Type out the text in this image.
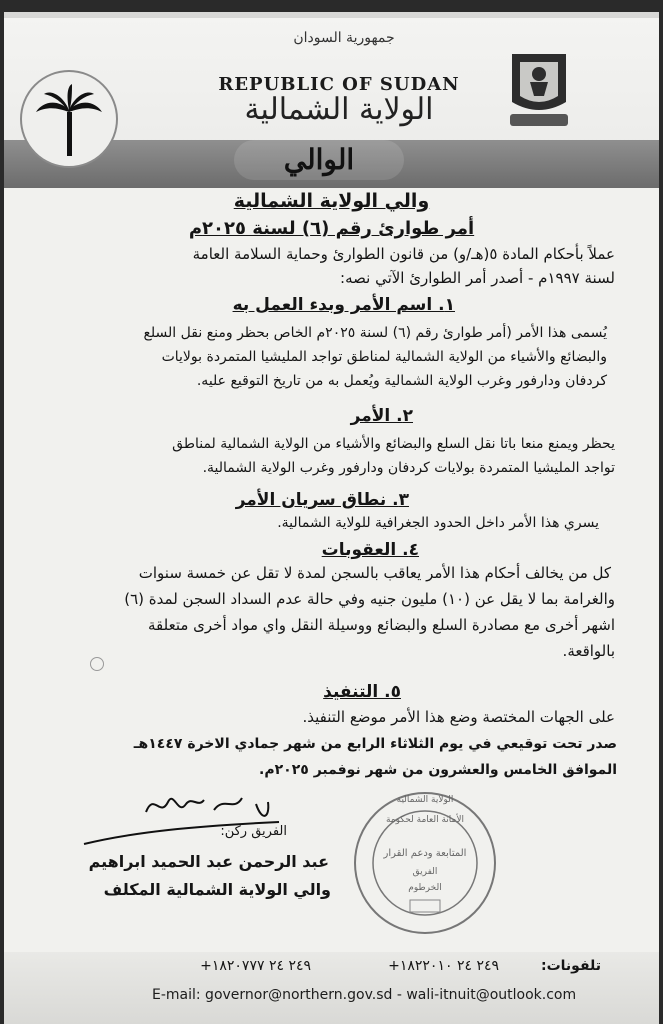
جمهورية السودان
REPUBLIC OF SUDAN
الولاية الشمالية
الوالي
والي الولاية الشمالية
أمر طوارئ رقم (٦) لسنة ٢٠٢٥م
عملاً بأحكام المادة ٥(هـ/و) من قانون الطوارئ وحماية السلامة العامة
لسنة ١٩٩٧م - أصدر أمر الطوارئ الآتي نصه:
١. اسم الأمر وبدء العمل به
يُسمى هذا الأمر (أمر طوارئ رقم (٦) لسنة ٢٠٢٥م الخاص بحظر ومنع نقل السلع
والبضائع والأشياء من الولاية الشمالية لمناطق تواجد المليشيا المتمردة بولايات
كردفان ودارفور وغرب الولاية الشمالية ويُعمل به من تاريخ التوقيع عليه.
٢. الأمر
يحظر ويمنع منعا باتا نقل السلع والبضائع والأشياء من الولاية الشمالية لمناطق
تواجد المليشيا المتمردة بولايات كردفان ودارفور وغرب الولاية الشمالية.
٣. نطاق سريان الأمر
يسري هذا الأمر داخل الحدود الجغرافية للولاية الشمالية.
٤. العقوبات
كل من يخالف أحكام هذا الأمر يعاقب بالسجن لمدة لا تقل عن خمسة سنوات
والغرامة بما لا يقل عن (١٠) مليون جنيه وفي حالة عدم السداد السجن لمدة (٦)
اشهر أخرى مع مصادرة السلع والبضائع ووسيلة النقل واي مواد أخرى متعلقة
بالواقعة.
٥. التنفيذ
على الجهات المختصة وضع هذا الأمر موضع التنفيذ.
صدر تحت توقيعي في يوم الثلاثاء الرابع من شهر جمادي الاخرة ١٤٤٧هـ
الموافق الخامس والعشرون من شهر نوفمبر ٢٠٢٥م.
الفريق ركن:
عبد الرحمن عبد الحميد ابراهيم
والي الولاية الشمالية المكلف
الولاية الشمالية
الأمانة العامة لحكومة
المتابعة ودعم القرار
الفريق
الخرطوم
تلفونات:
+٢٤٩ ٢٤ ١٨٢٢٠١٠
+٢٤٩ ٢٤ ١٨٢٠٧٧٧
E-mail: governor@northern.gov.sd - wali-itnuit@outlook.com
